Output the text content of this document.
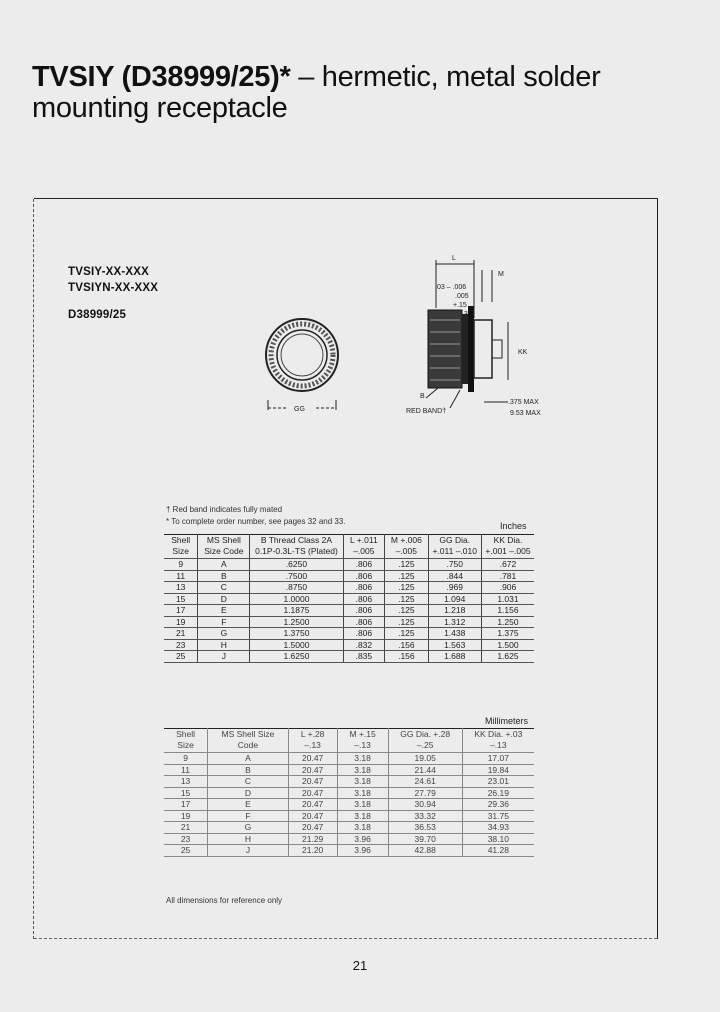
TVSIY (D38999/25)* – hermetic, metal solder mounting receptacle
TVSIY-XX-XXX
TVSIYN-XX-XXX
D38999/25
GG
L
M
.03 – .006
.005
+.15
.13
KK
B
RED BAND†
.375 MAX
9.53 MAX
† Red band indicates fully mated
* To complete order number, see pages 32 and 33.	Inches
Shell Size	MS Shell Size Code	B Thread Class 2A 0.1P-0.3L-TS (Plated)	L +.011 –.005	M +.006 –.005	GG Dia. +.011 –.010	KK Dia. +.001 –.005
9	A	.6250	.806	.125	.750	.672
11	B	.7500	.806	.125	.844	.781
13	C	.8750	.806	.125	.969	.906
15	D	1.0000	.806	.125	1.094	1.031
17	E	1.1875	.806	.125	1.218	1.156
19	F	1.2500	.806	.125	1.312	1.250
21	G	1.3750	.806	.125	1.438	1.375
23	H	1.5000	.832	.156	1.563	1.500
25	J	1.6250	.835	.156	1.688	1.625
Millimeters
Shell Size	MS Shell Size Code	L +.28 –.13	M +.15 –.13	GG Dia. +.28 –.25	KK Dia. +.03 –.13
9	A	20.47	3.18	19.05	17.07
11	B	20.47	3.18	21.44	19.84
13	C	20.47	3.18	24.61	23.01
15	D	20.47	3.18	27.79	26.19
17	E	20.47	3.18	30.94	29.36
19	F	20.47	3.18	33.32	31.75
21	G	20.47	3.18	36.53	34.93
23	H	21.29	3.96	39.70	38.10
25	J	21.20	3.96	42.88	41.28
All dimensions for reference only
21
